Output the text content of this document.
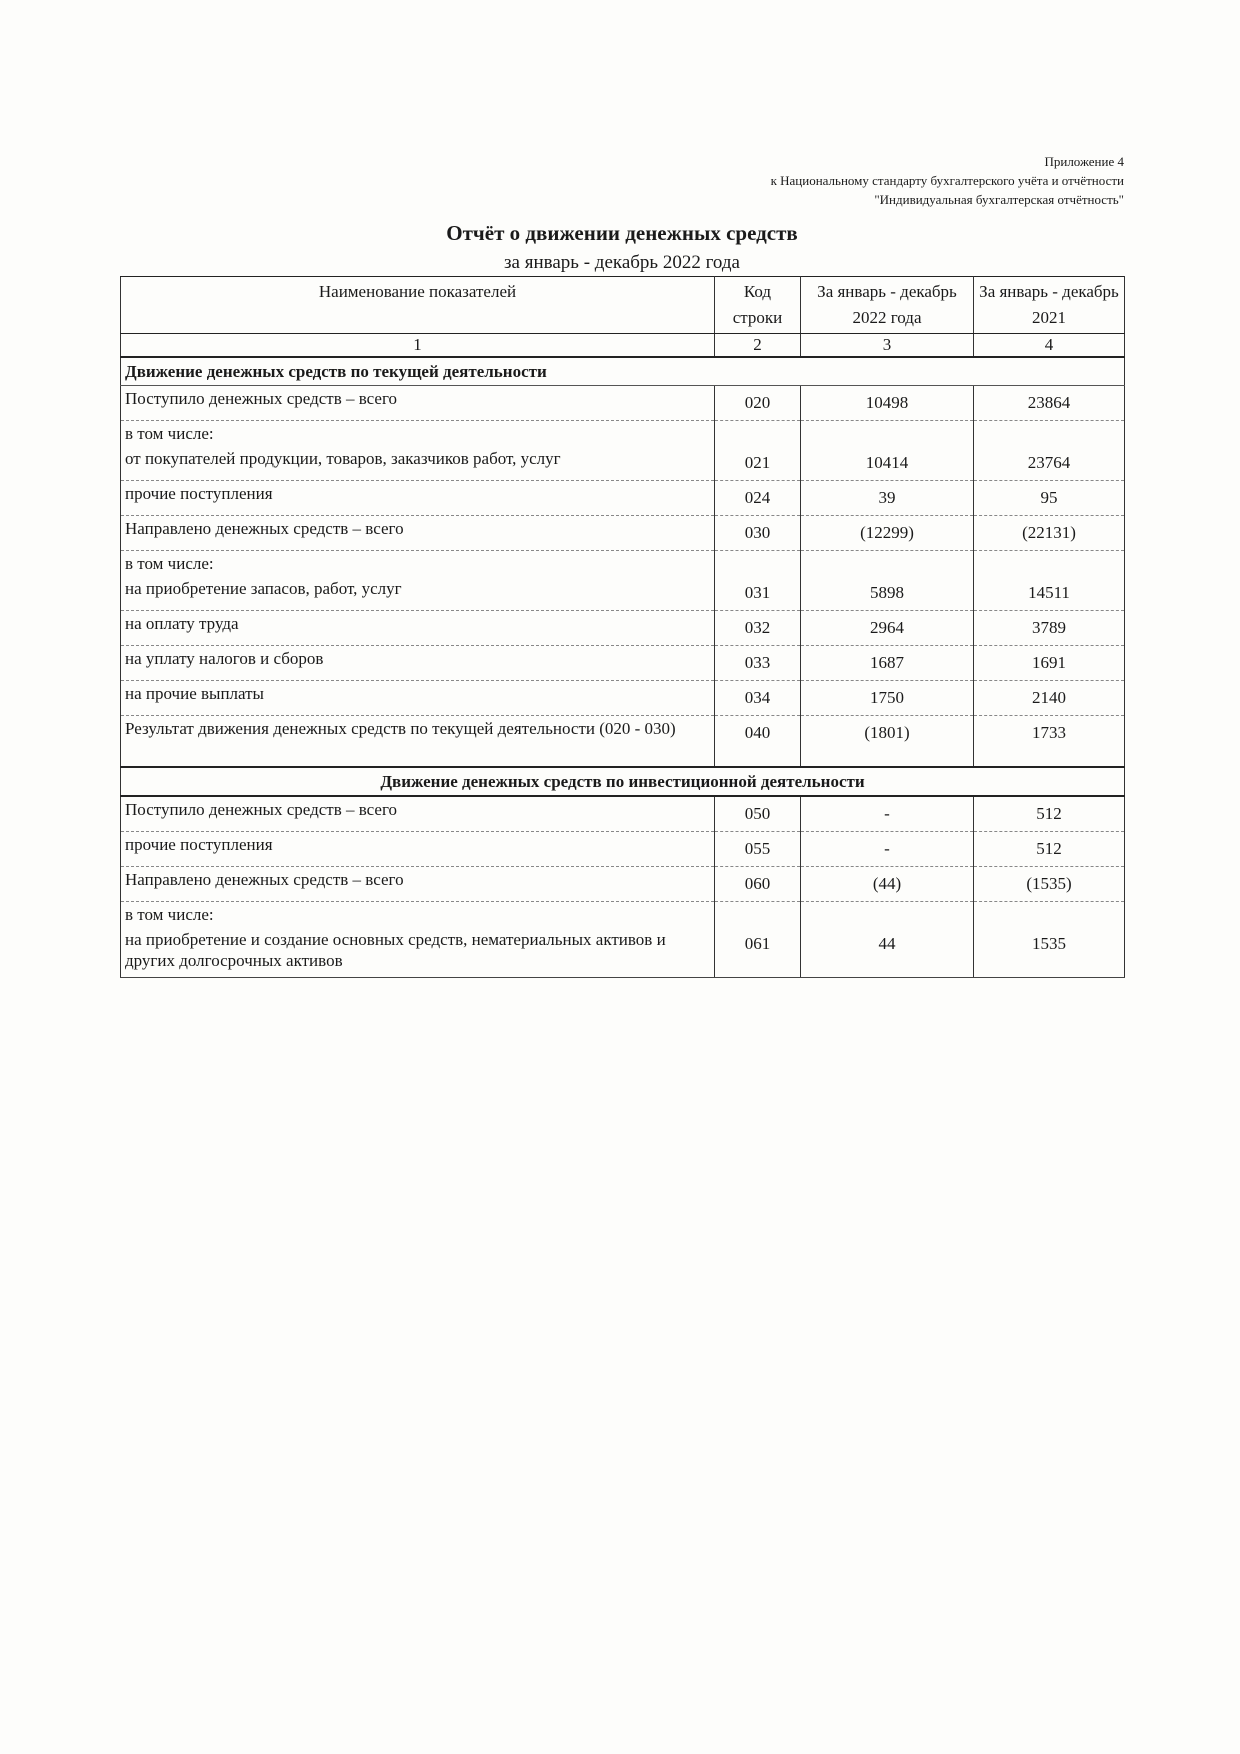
Приложение 4
к Национальному стандарту бухгалтерского учёта и отчётности
"Индивидуальная бухгалтерская отчётность"
Отчёт о движении денежных средств
за январь - декабрь 2022 года
Наименование показателей	Код строки	За январь - декабрь 2022 года	За январь - декабрь 2021
1	2	3	4
Движение денежных средств по текущей деятельности			
Поступило денежных средств – всего	020	10498	23864
в том числе:			
от покупателей продукции, товаров, заказчиков работ, услуг	021	10414	23764
прочие поступления	024	39	95
Направлено денежных средств – всего	030	(12299)	(22131)
в том числе:			
на приобретение запасов, работ, услуг	031	5898	14511
на оплату труда	032	2964	3789
на уплату налогов и сборов	033	1687	1691
на прочие выплаты	034	1750	2140
Результат движения денежных средств по текущей деятельности (020 - 030)	040	(1801)	1733
Движение денежных средств по инвестиционной деятельности			
Поступило денежных средств – всего	050	-	512
прочие поступления	055	-	512
Направлено денежных средств – всего	060	(44)	(1535)
в том числе:			
на приобретение и создание основных средств, нематериальных активов и других долгосрочных активов	061	44	1535
